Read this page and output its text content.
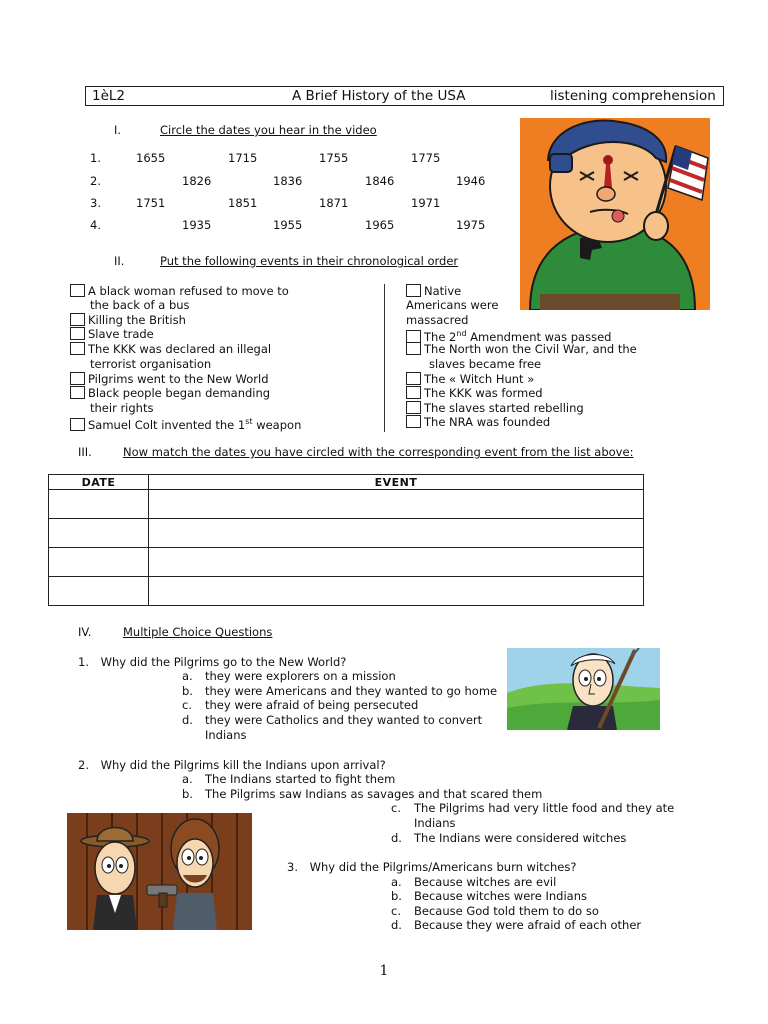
1èL2	A Brief History of the USA	listening comprehension
I.	Circle the dates you hear in the video
1.	1655	1715	1755	1775
2.	1826	1836	1846	1946
3.	1751	1851	1871	1971
4.	1935	1955	1965	1975
II.	Put the following events in their chronological order
A black woman refused to move to
the back of a bus
Killing the British
Slave trade
The KKK was declared an illegal
terrorist organisation
Pilgrims went to the New World
Black people began demanding
their rights
Samuel Colt invented the 1st weapon
Native
Americans were
massacred
The 2nd Amendment was passed
The North won the Civil War, and the
slaves became free
The « Witch Hunt »
The KKK was formed
The slaves started rebelling
The NRA was founded
III.	Now match the dates you have circled with the corresponding event from the list above:
DATE	EVENT

IV.	Multiple Choice Questions
1. Why did the Pilgrims go to the New World?
a. they were explorers on a mission
b. they were Americans and they wanted to go home
c. they were afraid of being persecuted
d. they were Catholics and they wanted to convert
Indians
2. Why did the Pilgrims kill the Indians upon arrival?
a. The Indians started to fight them
b. The Pilgrims saw Indians as savages and that scared them
c. The Pilgrims had very little food and they ate
Indians
d. The Indians were considered witches
3. Why did the Pilgrims/Americans burn witches?
a. Because witches are evil
b. Because witches were Indians
c. Because God told them to do so
d. Because they were afraid of each other
1
